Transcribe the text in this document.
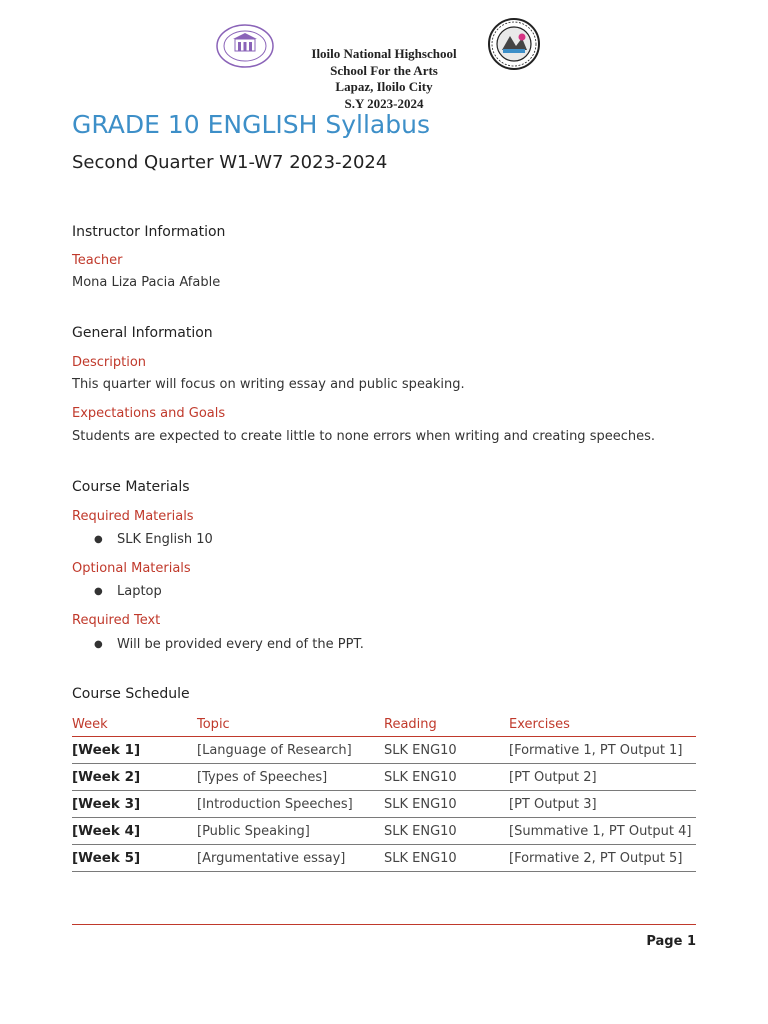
Iloilo National Highschool
School For the Arts
Lapaz, Iloilo City
S.Y 2023-2024
GRADE 10 ENGLISH Syllabus
Second Quarter W1-W7 2023-2024
Instructor Information
Teacher

Mona Liza Pacia Afable

General Information
Description

This quarter will focus on writing essay and public speaking.

Expectations and Goals

Students are expected to create little to none errors when writing and creating speeches.

Course Materials
Required Materials
● SLK English 10
Optional Materials
● Laptop
Required Text
● Will be provided every end of the PPT.
Course Schedule
Week	Topic	Reading	Exercises
[Week 1]	[Language of Research]	SLK ENG10	[Formative 1, PT Output 1]
[Week 2]	[Types of Speeches]	SLK ENG10	[PT Output 2]
[Week 3]	[Introduction Speeches]	SLK ENG10	[PT Output 3]
[Week 4]	[Public Speaking]	SLK ENG10	[Summative 1, PT Output 4]
[Week 5]	[Argumentative essay]	SLK ENG10	[Formative 2, PT Output 5]
Page 1
